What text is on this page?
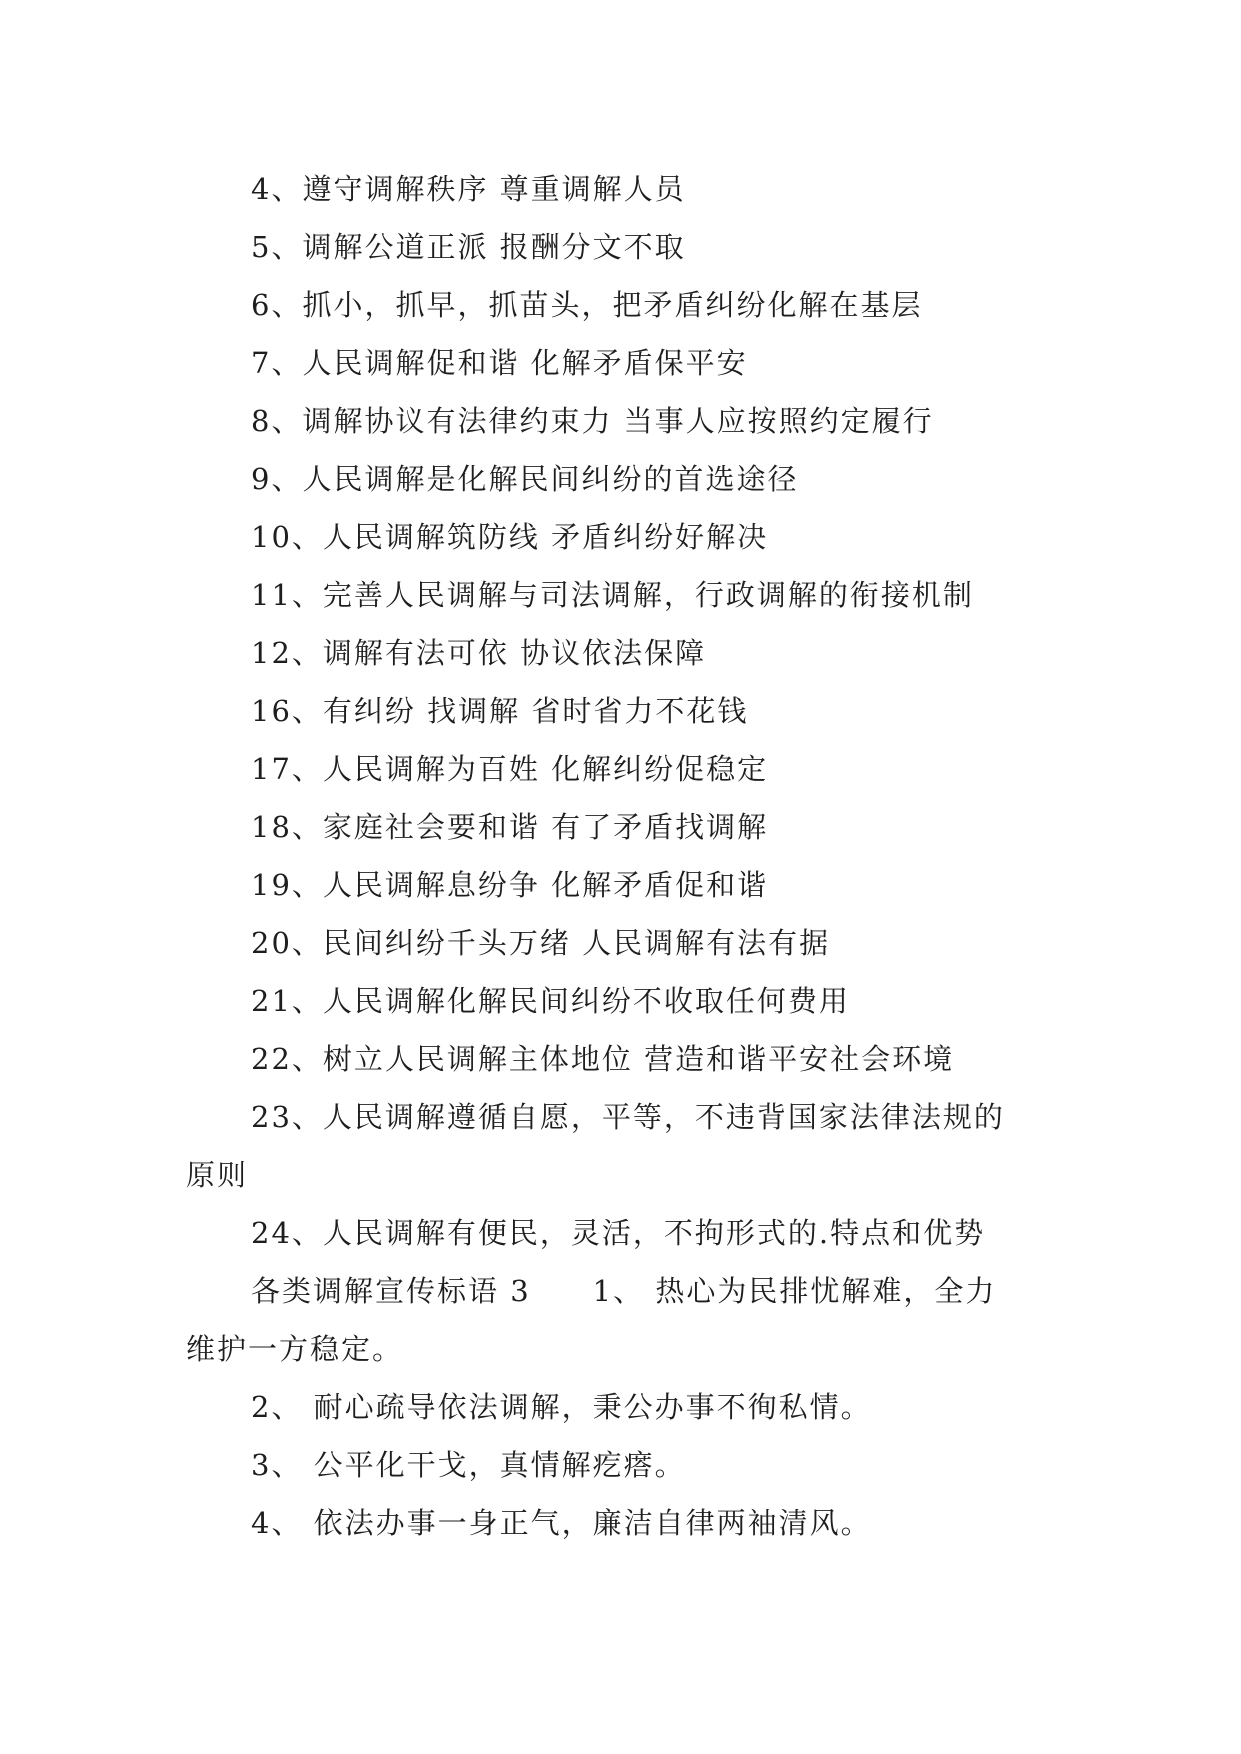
4、遵守调解秩序 尊重调解人员
5、调解公道正派 报酬分文不取
6、抓小，抓早，抓苗头，把矛盾纠纷化解在基层
7、人民调解促和谐 化解矛盾保平安
8、调解协议有法律约束力 当事人应按照约定履行
9、人民调解是化解民间纠纷的首选途径
10、人民调解筑防线 矛盾纠纷好解决
11、完善人民调解与司法调解，行政调解的衔接机制
12、调解有法可依 协议依法保障
16、有纠纷 找调解 省时省力不花钱
17、人民调解为百姓 化解纠纷促稳定
18、家庭社会要和谐 有了矛盾找调解
19、人民调解息纷争 化解矛盾促和谐
20、民间纠纷千头万绪 人民调解有法有据
21、人民调解化解民间纠纷不收取任何费用
22、树立人民调解主体地位 营造和谐平安社会环境
23、人民调解遵循自愿，平等，不违背国家法律法规的
原则
24、人民调解有便民，灵活，不拘形式的.特点和优势
各类调解宣传标语 3　　1、 热心为民排忧解难，全力
维护一方稳定。
2、 耐心疏导依法调解，秉公办事不徇私情。
3、 公平化干戈，真情解疙瘩。
4、 依法办事一身正气，廉洁自律两袖清风。
